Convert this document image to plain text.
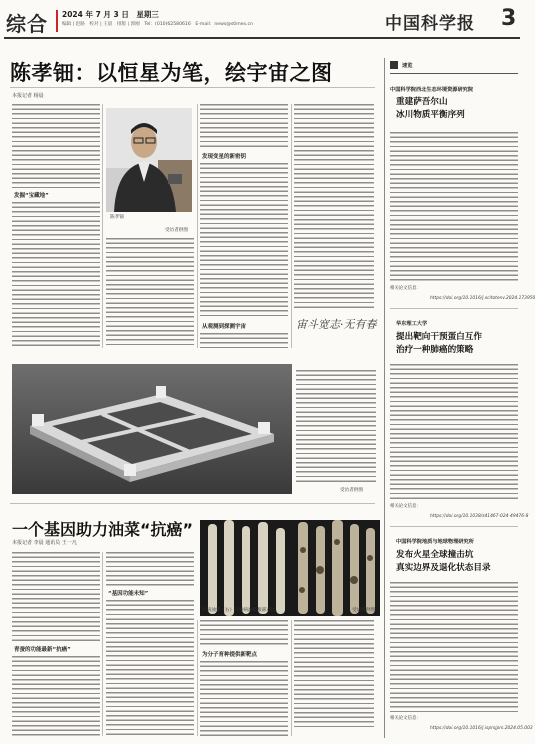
综合 2024 年 7 月 3 日　星期三
编辑 | 赵路　校对 | 王晨　排版 | 郭刚　Tel：(010)62580616　E-mail：news@stimes.cn	中国科学报 3
陈孝钿：以恒星为笔，绘宇宙之图
本报记者 杨晨
发掘“宝藏地”
陈孝钿
受访者供图
发现变星的新密钥
从观测到探测宇宙	宙斗宽志·无有春
受访者供图
一个基因助力油菜“抗癌”
本报记者 李晨 通讯员 王一凡
青蚕的功能最新“抗癌”
“基因功能未知”
抗病油菜（右）与感病油菜根部对比。	受访者供图
为分子育种提供新靶点
速览
中国科学院西北生态环境资源研究院
重建萨吾尔山
冰川物质平衡序列
相关论文信息：
https://doi.org/10.1016/j.scitotenv.2024.173950
华东理工大学
提出靶向干预蛋白互作
治疗一种肺癌的策略
相关论文信息：
https://doi.org/10.1038/s41467-024-49476-8
中国科学院地质与地球物理研究所
发布火星全球撞击坑
真实边界及退化状态目录
相关论文信息：
https://doi.org/10.1016/j.isprsjprs.2024.05.003
